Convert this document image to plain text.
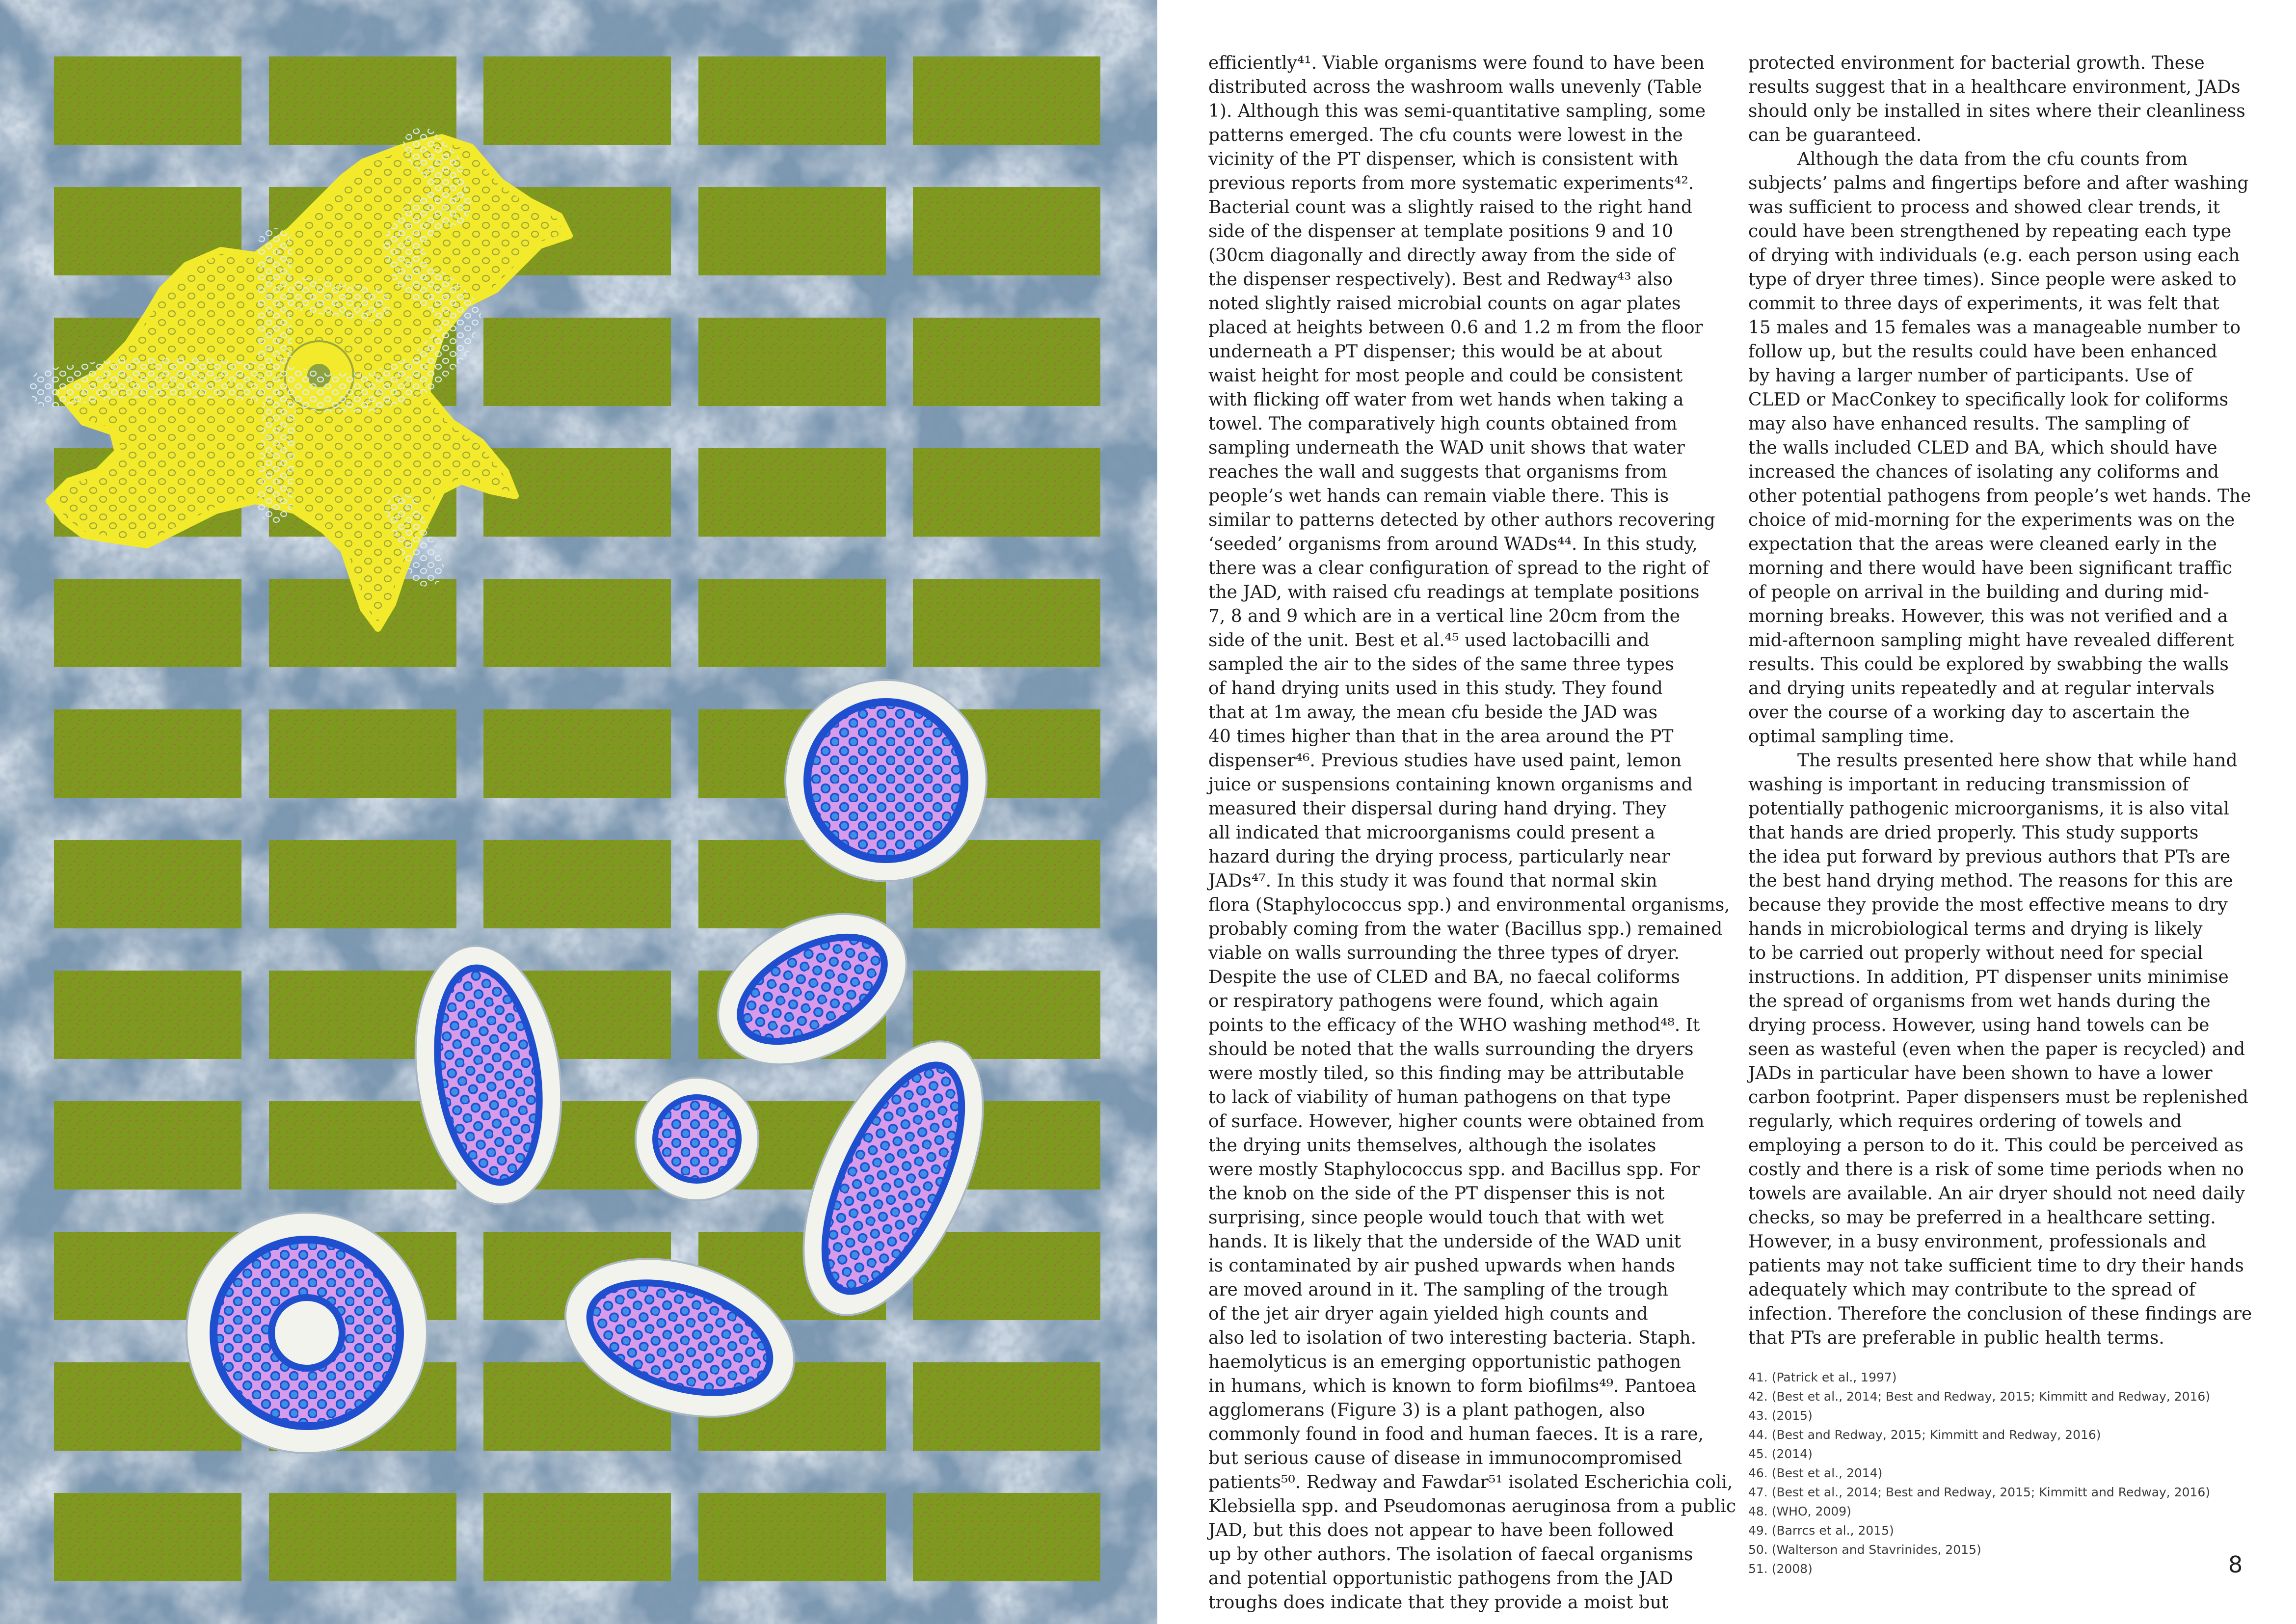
efficiently⁴¹. Viable organisms were found to have been

distributed across the washroom walls unevenly (Table

1). Although this was semi-quantitative sampling, some

patterns emerged. The cfu counts were lowest in the

vicinity of the PT dispenser, which is consistent with

previous reports from more systematic experiments⁴².

Bacterial count was a slightly raised to the right hand

side of the dispenser at template positions 9 and 10

(30cm diagonally and directly away from the side of

the dispenser respectively). Best and Redway⁴³ also

noted slightly raised microbial counts on agar plates

placed at heights between 0.6 and 1.2 m from the floor

underneath a PT dispenser; this would be at about

waist height for most people and could be consistent

with flicking off water from wet hands when taking a

towel. The comparatively high counts obtained from

sampling underneath the WAD unit shows that water

reaches the wall and suggests that organisms from

people’s wet hands can remain viable there. This is

similar to patterns detected by other authors recovering

‘seeded’ organisms from around WADs⁴⁴. In this study,

there was a clear configuration of spread to the right of

the JAD, with raised cfu readings at template positions

7, 8 and 9 which are in a vertical line 20cm from the

side of the unit. Best et al.⁴⁵ used lactobacilli and

sampled the air to the sides of the same three types

of hand drying units used in this study. They found

that at 1m away, the mean cfu beside the JAD was

40 times higher than that in the area around the PT

dispenser⁴⁶. Previous studies have used paint, lemon

juice or suspensions containing known organisms and

measured their dispersal during hand drying. They

all indicated that microorganisms could present a

hazard during the drying process, particularly near

JADs⁴⁷. In this study it was found that normal skin

flora (Staphylococcus spp.) and environmental organisms,

probably coming from the water (Bacillus spp.) remained

viable on walls surrounding the three types of dryer.

Despite the use of CLED and BA, no faecal coliforms

or respiratory pathogens were found, which again

points to the efficacy of the WHO washing method⁴⁸. It

should be noted that the walls surrounding the dryers

were mostly tiled, so this finding may be attributable

to lack of viability of human pathogens on that type

of surface. However, higher counts were obtained from

the drying units themselves, although the isolates

were mostly Staphylococcus spp. and Bacillus spp. For

the knob on the side of the PT dispenser this is not

surprising, since people would touch that with wet

hands. It is likely that the underside of the WAD unit

is contaminated by air pushed upwards when hands

are moved around in it. The sampling of the trough

of the jet air dryer again yielded high counts and

also led to isolation of two interesting bacteria. Staph.

haemolyticus is an emerging opportunistic pathogen

in humans, which is known to form biofilms⁴⁹. Pantoea

agglomerans (Figure 3) is a plant pathogen, also

commonly found in food and human faeces. It is a rare,

but serious cause of disease in immunocompromised

patients⁵⁰. Redway and Fawdar⁵¹ isolated Escherichia coli,

Klebsiella spp. and Pseudomonas aeruginosa from a public

JAD, but this does not appear to have been followed

up by other authors. The isolation of faecal organisms

and potential opportunistic pathogens from the JAD

troughs does indicate that they provide a moist but

protected environment for bacterial growth. These

results suggest that in a healthcare environment, JADs

should only be installed in sites where their cleanliness

can be guaranteed.

Although the data from the cfu counts from

subjects’ palms and fingertips before and after washing

was sufficient to process and showed clear trends, it

could have been strengthened by repeating each type

of drying with individuals (e.g. each person using each

type of dryer three times). Since people were asked to

commit to three days of experiments, it was felt that

15 males and 15 females was a manageable number to

follow up, but the results could have been enhanced

by having a larger number of participants. Use of

CLED or MacConkey to specifically look for coliforms

may also have enhanced results. The sampling of

the walls included CLED and BA, which should have

increased the chances of isolating any coliforms and

other potential pathogens from people’s wet hands. The

choice of mid-morning for the experiments was on the

expectation that the areas were cleaned early in the

morning and there would have been significant traffic

of people on arrival in the building and during mid-

morning breaks. However, this was not verified and a

mid-afternoon sampling might have revealed different

results. This could be explored by swabbing the walls

and drying units repeatedly and at regular intervals

over the course of a working day to ascertain the

optimal sampling time.

The results presented here show that while hand

washing is important in reducing transmission of

potentially pathogenic microorganisms, it is also vital

that hands are dried properly. This study supports

the idea put forward by previous authors that PTs are

the best hand drying method. The reasons for this are

because they provide the most effective means to dry

hands in microbiological terms and drying is likely

to be carried out properly without need for special

instructions. In addition, PT dispenser units minimise

the spread of organisms from wet hands during the

drying process. However, using hand towels can be

seen as wasteful (even when the paper is recycled) and

JADs in particular have been shown to have a lower

carbon footprint. Paper dispensers must be replenished

regularly, which requires ordering of towels and

employing a person to do it. This could be perceived as

costly and there is a risk of some time periods when no

towels are available. An air dryer should not need daily

checks, so may be preferred in a healthcare setting.

However, in a busy environment, professionals and

patients may not take sufficient time to dry their hands

adequately which may contribute to the spread of

infection. Therefore the conclusion of these findings are

that PTs are preferable in public health terms.

41. (Patrick et al., 1997)
42. (Best et al., 2014; Best and Redway, 2015; Kimmitt and Redway, 2016)
43. (2015)
44. (Best and Redway, 2015; Kimmitt and Redway, 2016)
45. (2014)
46. (Best et al., 2014)
47. (Best et al., 2014; Best and Redway, 2015; Kimmitt and Redway, 2016)
48. (WHO, 2009)
49. (Barrcs et al., 2015)
50. (Walterson and Stavrinides, 2015)
51. (2008)	8
